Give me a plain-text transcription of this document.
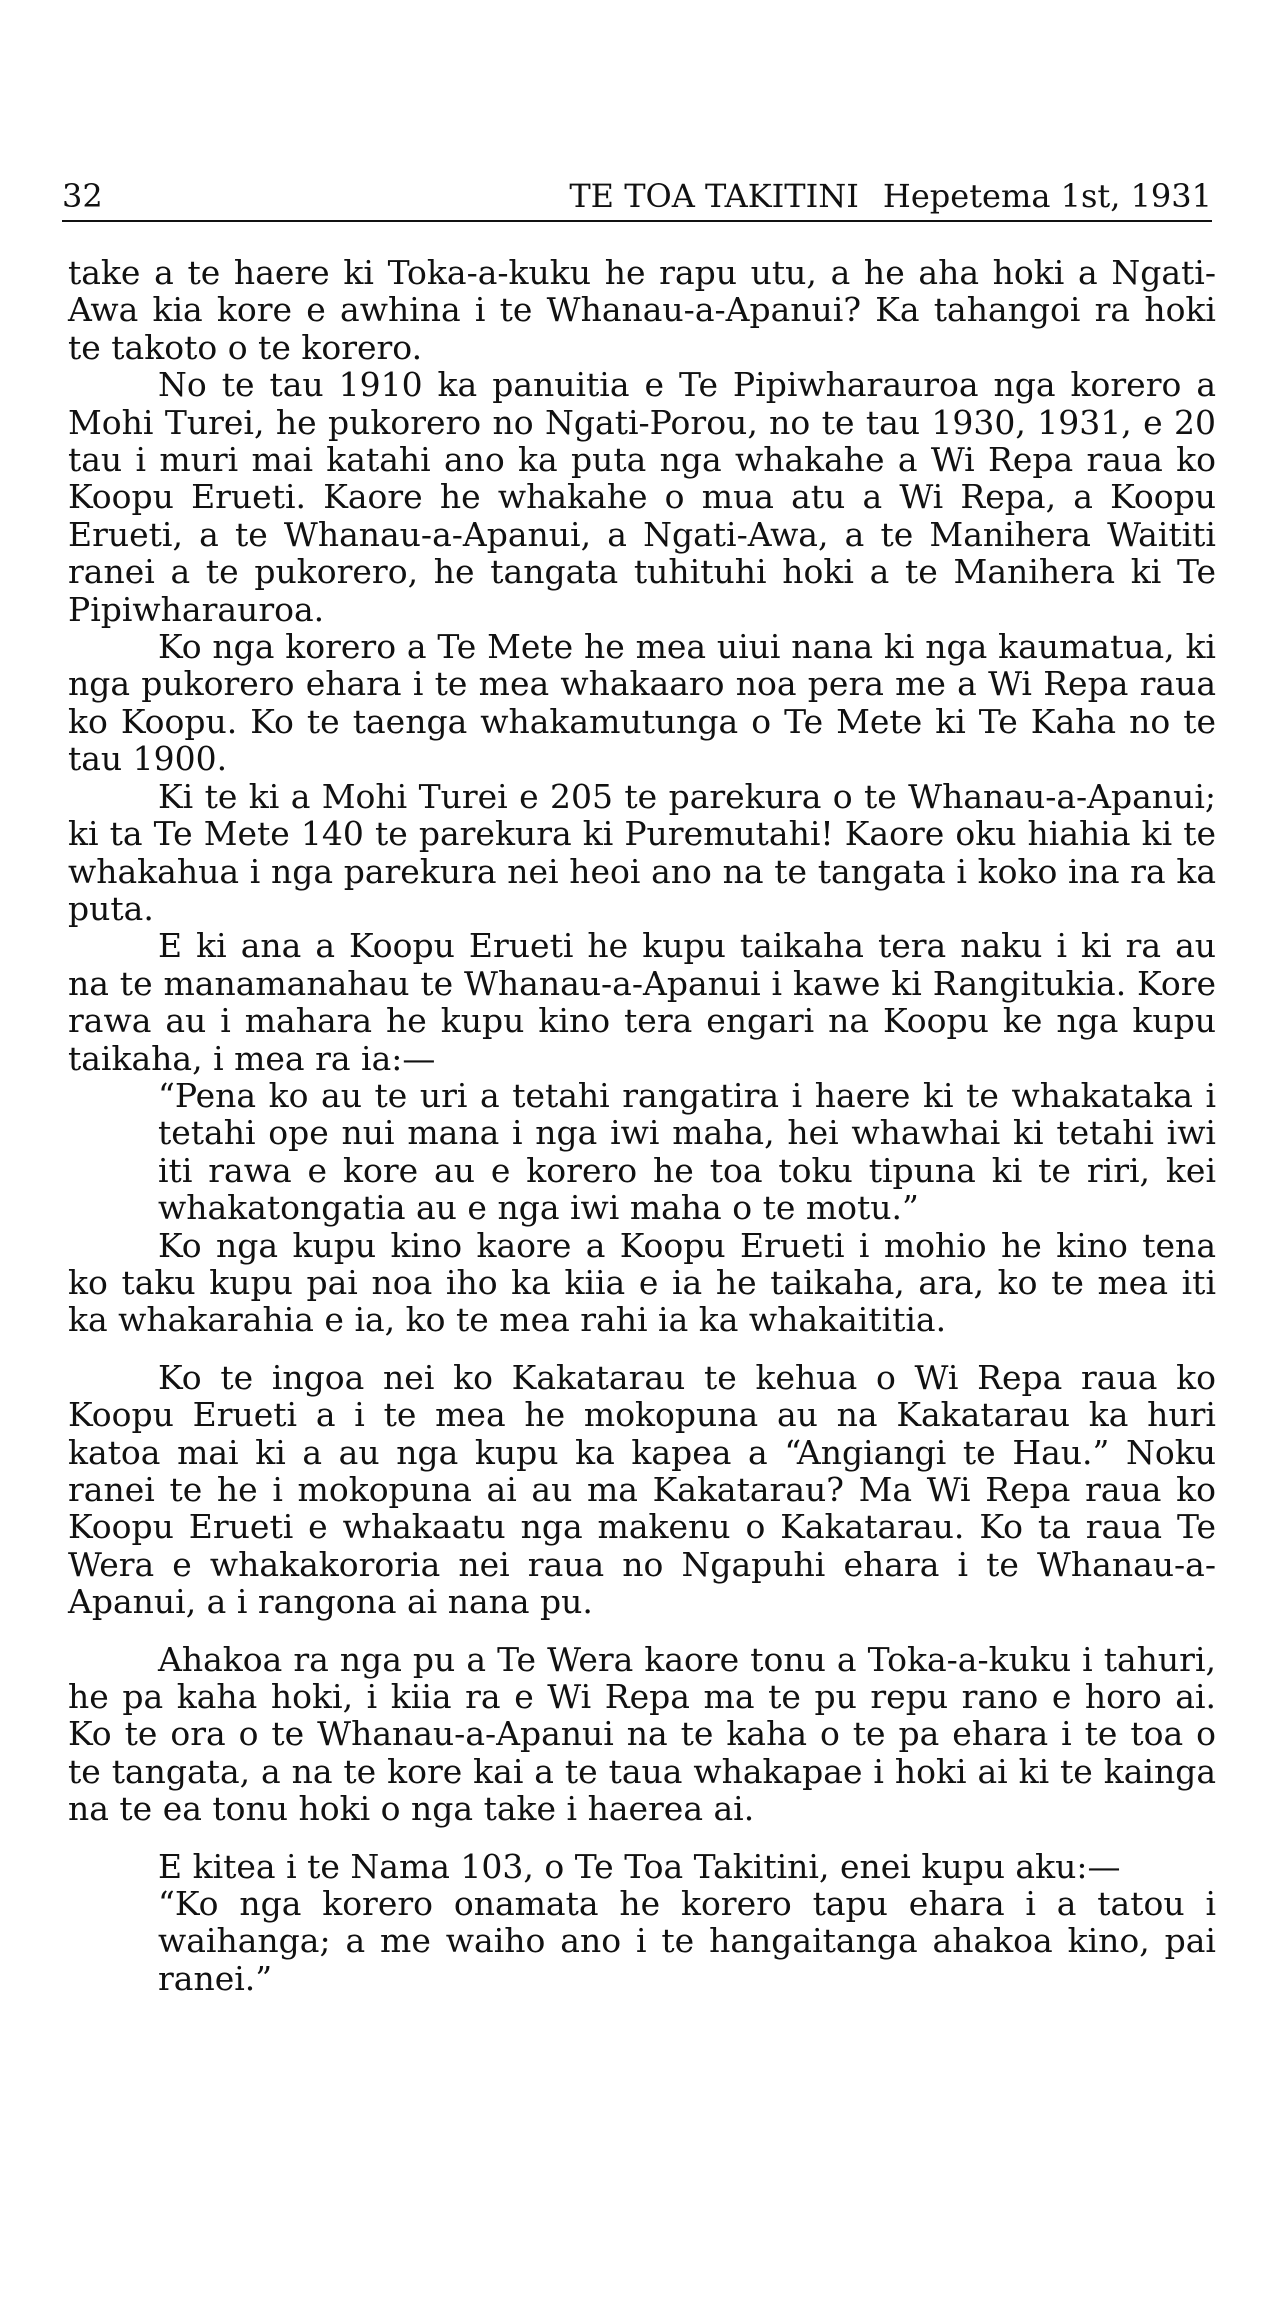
32	TE TOA TAKITINI Hepetema 1st, 1931

take a te haere ki Toka-a-kuku he rapu utu, a he aha hoki a Ngati-Awa kia kore e awhina i te Whanau-a-Apanui? Ka tahangoi ra hoki te takoto o te korero.

No te tau 1910 ka panuitia e Te Pipiwharauroa nga korero a Mohi Turei, he pukorero no Ngati-Porou, no te tau 1930, 1931, e 20 tau i muri mai katahi ano ka puta nga whakahe a Wi Repa raua ko Koopu Erueti. Kaore he whakahe o mua atu a Wi Repa, a Koopu Erueti, a te Whanau-a-Apanui, a Ngati-Awa, a te Manihera Waititi ranei a te pukorero, he tangata tuhituhi hoki a te Manihera ki Te Pipiwharauroa.

Ko nga korero a Te Mete he mea uiui nana ki nga kaumatua, ki nga pukorero ehara i te mea whakaaro noa pera me a Wi Repa raua ko Koopu. Ko te taenga whakamutunga o Te Mete ki Te Kaha no te tau 1900.

Ki te ki a Mohi Turei e 205 te parekura o te Whanau-a-Apanui; ki ta Te Mete 140 te parekura ki Puremutahi! Kaore oku hiahia ki te whakahua i nga parekura nei heoi ano na te tangata i koko ina ra ka puta.

E ki ana a Koopu Erueti he kupu taikaha tera naku i ki ra au na te manamanahau te Whanau-a-Apanui i kawe ki Rangitukia. Kore rawa au i mahara he kupu kino tera engari na Koopu ke nga kupu taikaha, i mea ra ia:—

“Pena ko au te uri a tetahi rangatira i haere ki te whakataka i tetahi ope nui mana i nga iwi maha, hei whawhai ki tetahi iwi iti rawa e kore au e korero he toa toku tipuna ki te riri, kei whakatongatia au e nga iwi maha o te motu.”

Ko nga kupu kino kaore a Koopu Erueti i mohio he kino tena ko taku kupu pai noa iho ka kiia e ia he taikaha, ara, ko te mea iti ka whakarahia e ia, ko te mea rahi ia ka whakaititia.

Ko te ingoa nei ko Kakatarau te kehua o Wi Repa raua ko Koopu Erueti a i te mea he mokopuna au na Kakatarau ka huri katoa mai ki a au nga kupu ka kapea a “Angiangi te Hau.” Noku ranei te he i mokopuna ai au ma Kakatarau? Ma Wi Repa raua ko Koopu Erueti e whakaatu nga makenu o Kakatarau. Ko ta raua Te Wera e whakakororia nei raua no Ngapuhi ehara i te Whanau-a-Apanui, a i rangona ai nana pu.

Ahakoa ra nga pu a Te Wera kaore tonu a Toka-a-kuku i tahuri, he pa kaha hoki, i kiia ra e Wi Repa ma te pu repu rano e horo ai. Ko te ora o te Whanau-a-Apanui na te kaha o te pa ehara i te toa o te tangata, a na te kore kai a te taua whakapae i hoki ai ki te kainga na te ea tonu hoki o nga take i haerea ai.

E kitea i te Nama 103, o Te Toa Takitini, enei kupu aku:—

“Ko nga korero onamata he korero tapu ehara i a tatou i waihanga; a me waiho ano i te hangaitanga ahakoa kino, pai ranei.”
